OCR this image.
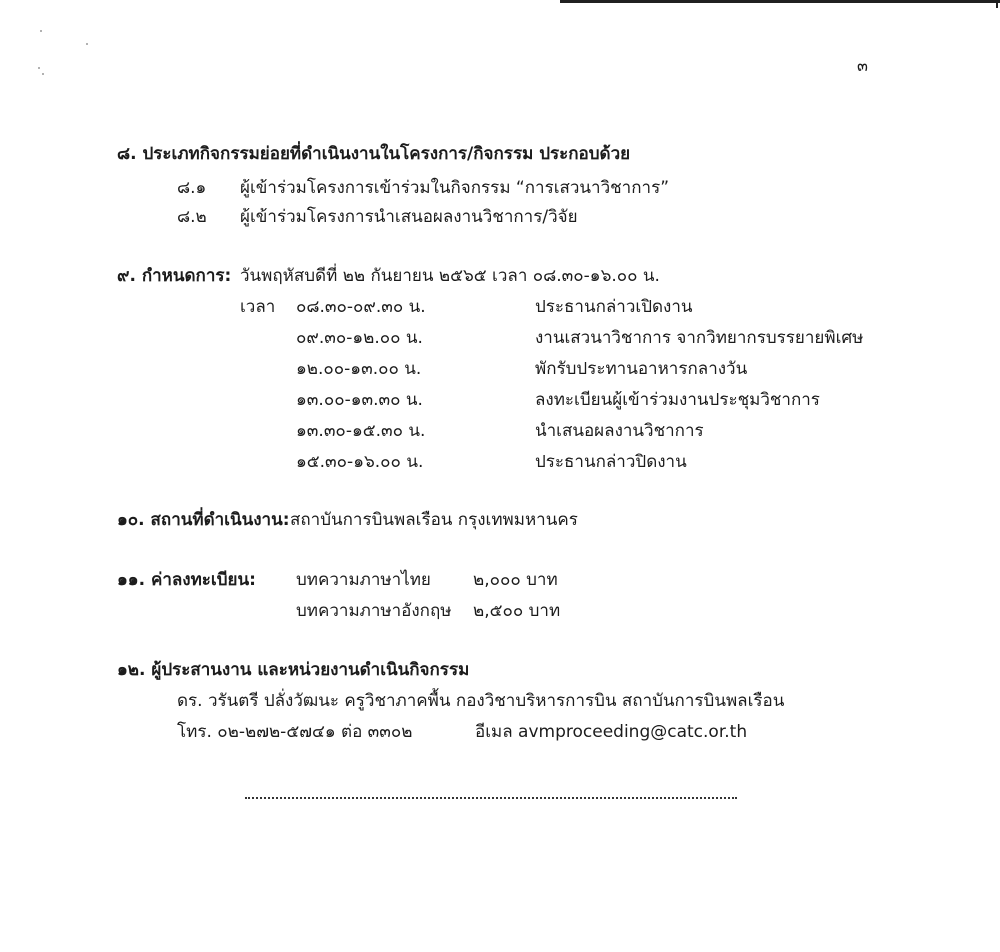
๓
๘. ประเภทกิจกรรมย่อยที่ดำเนินงานในโครงการ/กิจกรรม ประกอบด้วย
๘.๑ ผู้เข้าร่วมโครงการเข้าร่วมในกิจกรรม “การเสวนาวิชาการ”
๘.๒ ผู้เข้าร่วมโครงการนำเสนอผลงานวิชาการ/วิจัย
๙. กำหนดการ: วันพฤหัสบดีที่ ๒๒ กันยายน ๒๕๖๕ เวลา ๐๘.๓๐-๑๖.๐๐ น.
เวลา ๐๘.๓๐-๐๙.๓๐ น.	ประธานกล่าวเปิดงาน
๐๙.๓๐-๑๒.๐๐ น.	งานเสวนาวิชาการ จากวิทยากรบรรยายพิเศษ
๑๒.๐๐-๑๓.๐๐ น.	พักรับประทานอาหารกลางวัน
๑๓.๐๐-๑๓.๓๐ น.	ลงทะเบียนผู้เข้าร่วมงานประชุมวิชาการ
๑๓.๓๐-๑๕.๓๐ น.	นำเสนอผลงานวิชาการ
๑๕.๓๐-๑๖.๐๐ น.	ประธานกล่าวปิดงาน
๑๐. สถานที่ดำเนินงาน: สถาบันการบินพลเรือน กรุงเทพมหานคร
๑๑. ค่าลงทะเบียน: บทความภาษาไทย ๒,๐๐๐ บาท
บทความภาษาอังกฤษ ๒,๕๐๐ บาท
๑๒. ผู้ประสานงาน และหน่วยงานดำเนินกิจกรรม
ดร. วรันตรี ปลั่งวัฒนะ ครูวิชาภาคพื้น กองวิชาบริหารการบิน สถาบันการบินพลเรือน
โทร. ๐๒-๒๗๒-๕๗๔๑ ต่อ ๓๓๐๒	อีเมล avmproceeding@catc.or.th
